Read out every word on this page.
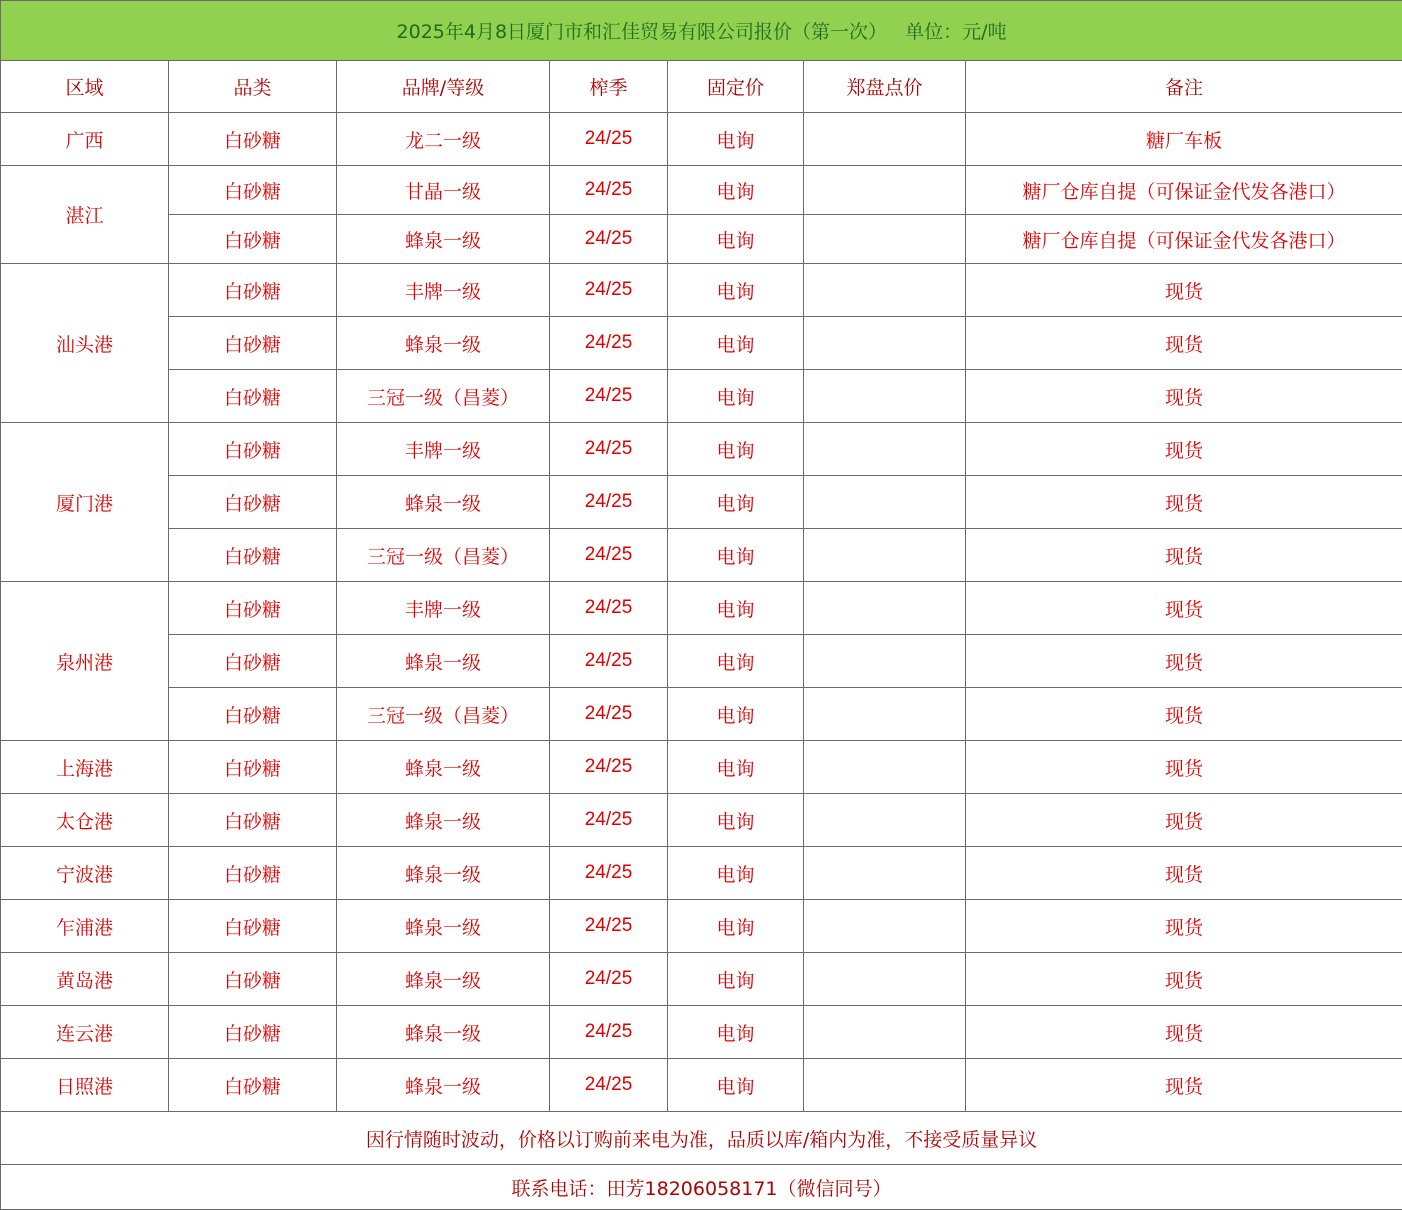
2025年4月8日厦门市和汇佳贸易有限公司报价（第一次）   单位：元/吨						
区域	品类	品牌/等级	榨季	固定价	郑盘点价	备注
广西	白砂糖	龙二一级	24/25	电询		糖厂车板
湛江	白砂糖	甘晶一级	24/25	电询		糖厂仓库自提（可保证金代发各港口）
	白砂糖	蜂泉一级	24/25	电询		糖厂仓库自提（可保证金代发各港口）
汕头港	白砂糖	丰牌一级	24/25	电询		现货
	白砂糖	蜂泉一级	24/25	电询		现货
	白砂糖	三冠一级（昌菱）	24/25	电询		现货
厦门港	白砂糖	丰牌一级	24/25	电询		现货
	白砂糖	蜂泉一级	24/25	电询		现货
	白砂糖	三冠一级（昌菱）	24/25	电询		现货
泉州港	白砂糖	丰牌一级	24/25	电询		现货
	白砂糖	蜂泉一级	24/25	电询		现货
	白砂糖	三冠一级（昌菱）	24/25	电询		现货
上海港	白砂糖	蜂泉一级	24/25	电询		现货
太仓港	白砂糖	蜂泉一级	24/25	电询		现货
宁波港	白砂糖	蜂泉一级	24/25	电询		现货
乍浦港	白砂糖	蜂泉一级	24/25	电询		现货
黄岛港	白砂糖	蜂泉一级	24/25	电询		现货
连云港	白砂糖	蜂泉一级	24/25	电询		现货
日照港	白砂糖	蜂泉一级	24/25	电询		现货
因行情随时波动，价格以订购前来电为准，品质以库/箱内为准，不接受质量异议						
联系电话：田芳18206058171（微信同号）						
